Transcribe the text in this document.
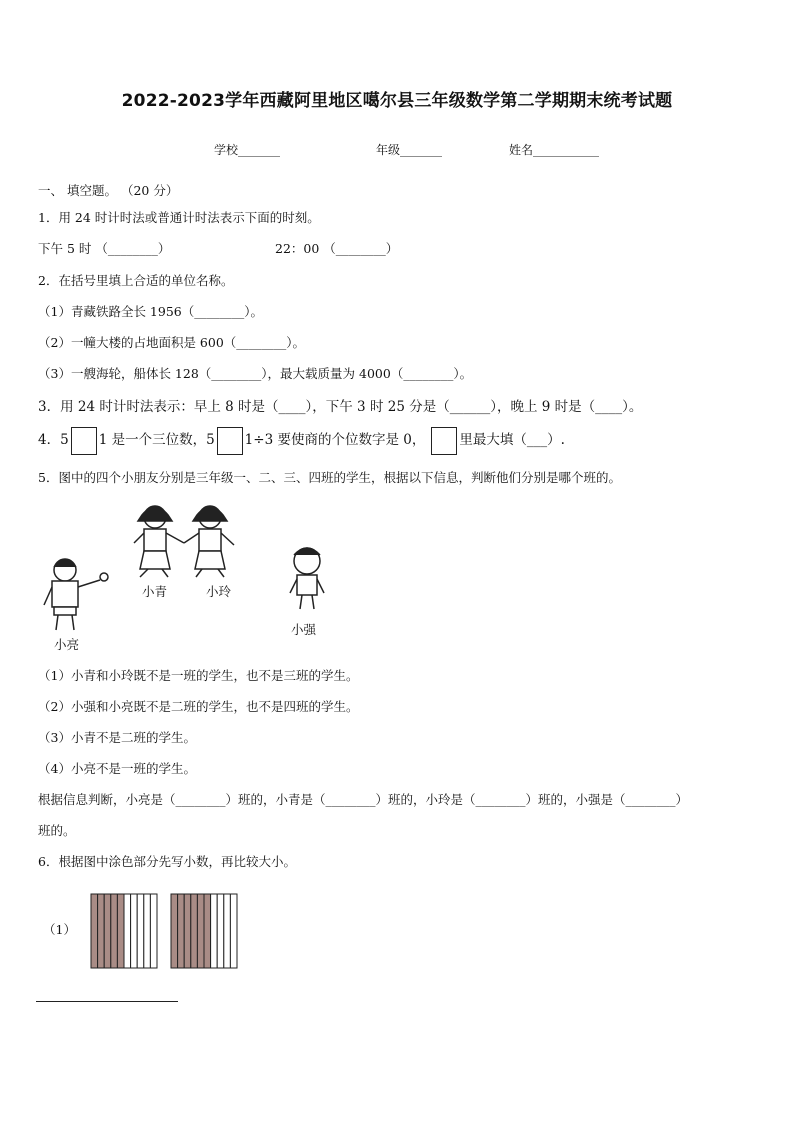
2022-2023学年西藏阿里地区噶尔县三年级数学第二学期期末统考试题
学校_______	年级_______	姓名___________
一、 填空题。 （20 分）
1．用 24 时计时法或普通计时法表示下面的时刻。
下午 5 时 （________）	22：00 （________）
2．在括号里填上合适的单位名称。
（1）青藏铁路全长 1956（________）。
（2）一幢大楼的占地面积是 600（________）。
（3）一艘海轮，船体长 128（________），最大载质量为 4000（________）。
3．用 24 时计时法表示：早上 8 时是（____），下午 3 时 25 分是（______），晚上 9 时是（____）。
4．5 1 是一个三位数，5 1÷3 要使商的个位数字是 0，	里最大填（___）.
5．图中的四个小朋友分别是三年级一、二、三、四班的学生，根据以下信息，判断他们分别是哪个班的。
小青	小玲
小强
小亮
（1）小青和小玲既不是一班的学生，也不是三班的学生。
（2）小强和小亮既不是二班的学生，也不是四班的学生。
（3）小青不是二班的学生。
（4）小亮不是一班的学生。
根据信息判断，小亮是（________）班的，小青是（________）班的，小玲是（________）班的，小强是（________）
班的。
6．根据图中涂色部分先写小数，再比较大小。
（1）
